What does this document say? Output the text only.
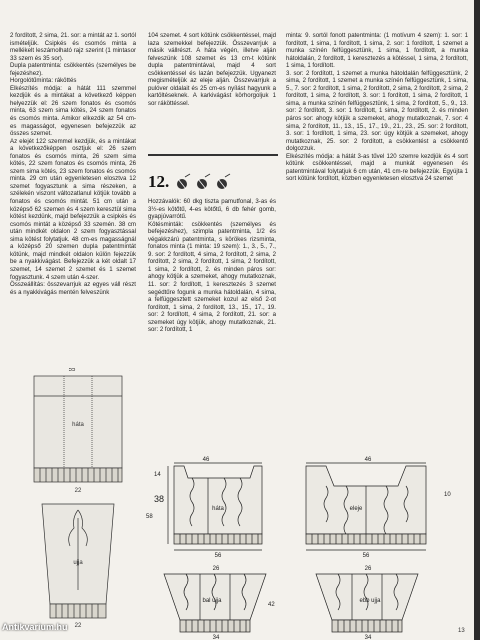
2 fordított, 2 sima, 21. sor: a mintát az 1. sortól ismételjük. Csipkés és csomós minta a mellékelt leszámolható rajz szerint (1 mintasor 33 szem és 35 sor).

Dupla patentminta: csökkentés (személyes be fejezéshez).

Horgolótűminta: ráköttés

Elkészítés módja: a hátát 111 szemmel kezdjük és a mintákat a következő képpen helyezzük el: 26 szem fonatos és csomós minta, 63 szem sima kötés, 24 szem fonatos és csomós minta. Amikor elkezdik az 54 cm-es magasságot, egyenesen befejezzük az összes szemet.

Az elejét 122 szemmel kezdjük, és a mintákat a következőképpen osztjuk el: 26 szem fonatos és csomós minta, 26 szem sima kötés, 22 szem fonatos és csomós minta, 26 szem sima kötés, 23 szem fonatos és csomós minta. 29 cm után egyenletesen elosztva 12 szemet fogyasztunk a sima részeken, a szélekén viszont változatlanul kötjük tovább a fonatos és csomós mintát. 51 cm után a középső 62 szemen és 4 szem keresztül sima kötést kezdünk, majd befejezzük a csipkés és csomós mintát a középső 33 szemén. 38 cm után mindkét oldalon 2 szem fogyasztással sima kötést folytatjuk. 48 cm-es magasságnál a középső 20 szemen dupla patentmintát kötünk, majd mindkét oldalon külön fejezzük be a nyakkivágást. Befejezzük a két oldalt 17 szemet, 14 szemet 2 szemet és 1 szemet fogyasztunk. 4 szem után 4-szer.

Összeállítás: összevarrjuk az egyes váll részt és a nyakkivágás mentén felveszünk

104 szemet. 4 sort kötünk csökkentéssel, majd laza szemekkel befejezzük. Összevarrjuk a másik vállrészt. A háta végén, illetve alján felveszünk 108 szemet és 13 cm-t kötünk dupla patentmintával, majd 4 sort csökkentéssel és lazán befejezzük. Ugyanezt megismételjük az eleje alján. Összevarrjuk a pulóver oldalait és 25 cm-es nyílást hagyunk a kartöltéseknek. A karkivágást körhorgoljuk 1 sor ráköttéssel.

12.

Hozzávalók: 60 dkg tiszta pamutfonal, 3-as és 3½-es kötőtű, 4-es kötőtű, 6 db fehér gomb, gyapjúvarrótű.

Kötésminták: csökkentés (személyes és befejezéshez), szimpla patentminta, 1/2 és végakkzárú patentminta, s körökes rizsminta, fonatos minta (1 minta: 19 szem): 1., 3., 5., 7., 9. sor: 2 fordított, 4 sima, 2 fordított, 2 sima, 2 fordított, 2 sima, 2 fordított, 1 sima, 2 fordított, 1 sima, 2 fordított, 2. és minden páros sor: ahogy kötjük a szemeket, ahogy mutatkoznak, 11. sor: 2 fordított, 1 keresztezés 3 szemet segédtűre fogunk a munka hátoldalán, 4 sima, a felfüggesztett szemeket kozul az első 2-ot fordított, 1 sima, 2 fordított, 13., 15., 17., 19. sor: 2 fordított, 4 sima, 2 fordított, 21. sor: a szemeket úgy kötjük, ahogy mutatkoznak, 21. sor: 2 fordított, 1

minta: 9. sortól fonott patentminta: (1 motívum 4 szem): 1. sor: 1 fordított, 1 sima, 1 fordított, 1 sima, 2. sor: 1 fordított, 1 szemet a munka színén felfüggesztünk, 1 sima, 1 fordított, a munka hátoldalán, 2 fordított, 1 keresztezés a kötéssel, 1 sima, 2 fordított, 1 sima, 1 fordított.

3. sor: 2 fordított, 1 szemet a munka hátoldalán felfüggesztünk, 2 sima, 2 fordított, 1 szemet a munka színén felfüggesztünk, 1 sima, 5., 7. sor: 2 fordított, 1 sima, 2 fordított, 2 sima, 2 fordított, 2 sima, 2 fordított, 1 sima, 2 fordított, 3. sor: 1 fordított, 1 sima, 2 fordított, 1 sima, a munka színén felfüggesztünk, 1 sima, 2 fordított, 5., 9., 13. sor: 2 fordított, 3. sor: 1 fordított, 1 sima, 2 fordított, 2. és minden páros sor: ahogy kötjük a szemeket, ahogy mutatkoznak, 7. sor: 4 sima, 2 fordított, 11., 13., 15., 17., 19., 21., 23., 25. sor: 2 fordított, 3. sor: 1 fordított, 1 sima, 23. sor: úgy kötjük a szemeket, ahogy mutatkoznak, 25. sor: 2 fordított, a csökkentést a csökkentő dolgozzuk.

Elkészítés módja: a hátát 3-as tűvel 120 szemre kezdjük és 4 sort kötünk csökkentéssel, majd a munkát egyenesen és patentmintával folytatjuk 6 cm után, 41 cm-re befejezzük. Egyújta 1 sort kötünk fordított, közben egyenletesen elosztva 24 szemet

55
háta
22
ujja
22
46
háta
14
38
58
56
bal ujja
42
26
34
46
eleje
10
56
ebb ujja
26
34
Antikvarium.hu	13
